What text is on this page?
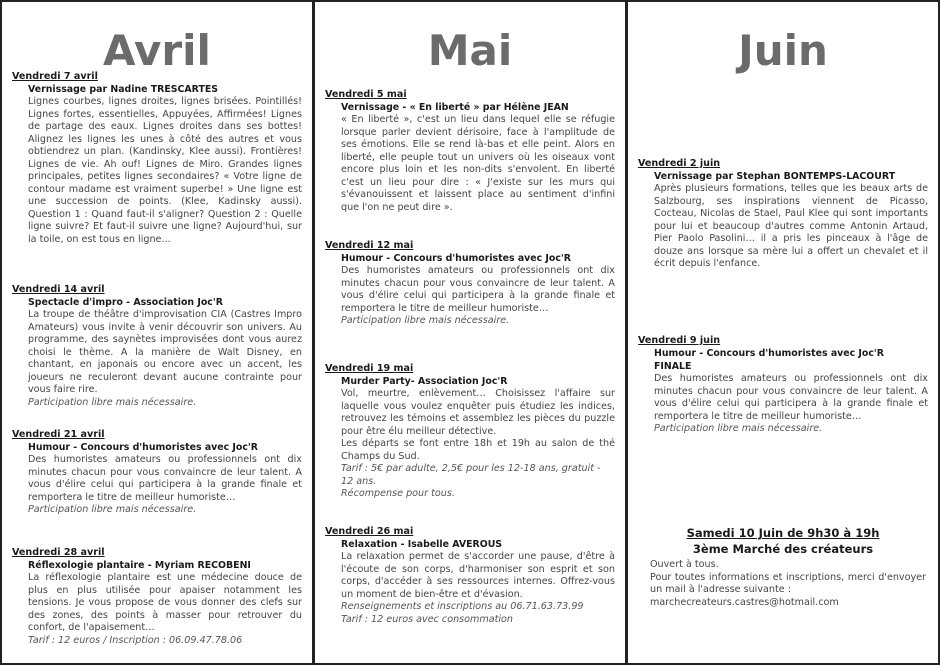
Avril
Vendredi 7 avril
Vernissage par Nadine TRESCARTES
Lignes courbes, lignes droites, lignes brisées. Pointillés! Lignes fortes, essentielles, Appuyées, Affirmées! Lignes de partage des eaux. Lignes droites dans ses bottes! Alignez les lignes les unes à côté des autres et vous obtiendrez un plan. (Kandinsky, Klee aussi). Frontières! Lignes de vie. Ah ouf! Lignes de Miro. Grandes lignes principales, petites lignes secondaires? « Votre ligne de contour madame est vraiment superbe! » Une ligne est une succession de points. (Klee, Kadinsky aussi). Question 1 : Quand faut-il s'aligner? Question 2 : Quelle ligne suivre? Et faut-il suivre une ligne? Aujourd'hui, sur la toile, on est tous en ligne...
Vendredi 14 avril
Spectacle d'impro - Association Joc'R
La troupe de théâtre d'improvisation CIA (Castres Impro Amateurs) vous invite à venir découvrir son univers. Au programme, des saynètes improvisées dont vous aurez choisi le thème. A la manière de Walt Disney, en chantant, en japonais ou encore avec un accent, les joueurs ne reculeront devant aucune contrainte pour vous faire rire.
Participation libre mais nécessaire.
Vendredi 21 avril
Humour - Concours d'humoristes avec Joc'R
Des humoristes amateurs ou professionnels ont dix minutes chacun pour vous convaincre de leur talent. A vous d'élire celui qui participera à la grande finale et remportera le titre de meilleur humoriste…
Participation libre mais nécessaire.
Vendredi 28 avril
Réflexologie plantaire - Myriam RECOBENI
La réflexologie plantaire est une médecine douce de plus en plus utilisée pour apaiser notamment les tensions. Je vous propose de vous donner des clefs sur des zones, des points à masser pour retrouver du confort, de l'apaisement…
Tarif : 12 euros / Inscription : 06.09.47.78.06
Mai
Vendredi 5 mai
Vernissage - « En liberté » par Hélène JEAN
« En liberté », c'est un lieu dans lequel elle se réfugie lorsque parler devient dérisoire, face à l'amplitude de ses émotions. Elle se rend là-bas et elle peint. Alors en liberté, elle peuple tout un univers où les oiseaux vont encore plus loin et les non-dits s'envolent. En liberté c'est un lieu pour dire : « J'existe sur les murs qui s'évanouissent et laissent place au sentiment d'infini que l'on ne peut dire ».
Vendredi 12 mai
Humour - Concours d'humoristes avec Joc'R
Des humoristes amateurs ou professionnels ont dix minutes chacun pour vous convaincre de leur talent. A vous d'élire celui qui participera à la grande finale et remportera le titre de meilleur humoriste…
Participation libre mais nécessaire.
Vendredi 19 mai
Murder Party- Association Joc'R
Vol, meurtre, enlèvement… Choisissez l'affaire sur laquelle vous voulez enquêter puis étudiez les indices, retrouvez les témoins et assemblez les pièces du puzzle pour être élu meilleur détective.
Les départs se font entre 18h et 19h au salon de thé Champs du Sud.
Tarif : 5€ par adulte, 2,5€ pour les 12-18 ans, gratuit - 12 ans.
Récompense pour tous.
Vendredi 26 mai
Relaxation - Isabelle AVEROUS
La relaxation permet de s'accorder une pause, d'être à l'écoute de son corps, d'harmoniser son esprit et son corps, d'accéder à ses ressources internes. Offrez-vous un moment de bien-être et d'évasion.
Renseignements et inscriptions au 06.71.63.73.99
Tarif : 12 euros avec consommation
Juin
Vendredi 2 juin
Vernissage par Stephan BONTEMPS-LACOURT
Après plusieurs formations, telles que les beaux arts de Salzbourg, ses inspirations viennent de Picasso, Cocteau, Nicolas de Stael, Paul Klee qui sont importants pour lui et beaucoup d'autres comme Antonin Artaud, Pier Paolo Pasolini… il a pris les pinceaux à l'âge de douze ans lorsque sa mère lui a offert un chevalet et il écrit depuis l'enfance.
Vendredi 9 juin
Humour - Concours d'humoristes avec Joc'R
FINALE
Des humoristes amateurs ou professionnels ont dix minutes chacun pour vous convaincre de leur talent. A vous d'élire celui qui participera à la grande finale et remportera le titre de meilleur humoriste…
Participation libre mais nécessaire.
Samedi 10 Juin de 9h30 à 19h
3ème Marché des créateurs
Ouvert à tous.
Pour toutes informations et inscriptions, merci d'envoyer un mail à l'adresse suivante :
marchecreateurs.castres@hotmail.com
